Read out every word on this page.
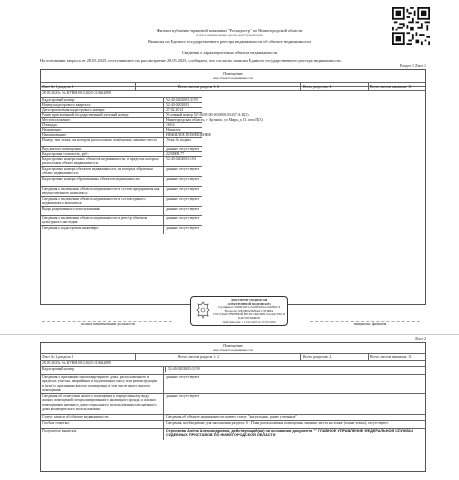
Филиал публично-правовой компании "Роскадастр" по Нижегородской области
полное наименование органа регистрации прав
Выписка из Единого государственного реестра недвижимости об объекте недвижимости
Сведения о характеристиках объекта недвижимости
На основании запроса от 28.05.2025, поступившего на рассмотрение 28.05.2025, сообщаем, что согласно записям Единого государственного реестра недвижимости:
Раздел 1 Лист 1
Помещение
вид объекта недвижимости
Лист № 1 раздела 1	Всего листов раздела 1: 2	Всего разделов: 2	Всего листов выписки: 11
28.05.2025г. № КУВИ-001/2025-113662089
Кадастровый номер:	52:40:0202003:3159
Номер кадастрового квартала:	52:40:0202003
Дата присвоения кадастрового номера:	27.02.2014
Ранее присвоенный государственный учетный номер:	Условный номер 52-40/05:00-00:0000:05437:А:II(3)
Местоположение:	Нижегородская область, г Арзамас, ул Мира, д 15, пом П(3)
Площадь:	160.6
Назначение:	Нежилое
Наименование:	НЕЖИЛОЕ ПОМЕЩЕНИЕ
Номер, тип этажа, на котором расположено помещение, машино-место	Этаж № подвал
Вид жилого помещения:	данные отсутствуют
Кадастровая стоимость, руб.:	2230008.77
Кадастровые номера иных объектов недвижимости, в пределах которых расположен объект недвижимости:
52:40:0202003:104
Кадастровые номера объектов недвижимости, из которых образован объект недвижимости:
данные отсутствуют
Кадастровые номера образованных объектов недвижимости:	данные отсутствуют
Сведения о включении объекта недвижимости в состав предприятия как имущественного комплекса:
данные отсутствуют
Сведения о включении объекта недвижимости в состав единого недвижимого комплекса:
данные отсутствуют
Виды разрешенного использования:	данные отсутствуют
Сведения о включении объекта недвижимости в реестр объектов культурного наследия:
данные отсутствуют
Сведения о кадастровом инженере:	данные отсутствуют
полное наименование должности	инициалы, фамилия
ДОКУМЕНТ ПОДПИСАН
ЭЛЕКТРОННОЙ ПОДПИСЬЮ
Сертификат: 00d9b5e8c1a7e2f4b6d3a1c0e9f8d7c6
Владелец: ФЕДЕРАЛЬНАЯ СЛУЖБА ГОСУДАРСТВЕННОЙ РЕГИСТРАЦИИ, КАДАСТРА И КАРТОГРАФИИ
Действителен: с 11.02.2025 по 07.05.2026
Лист 2
Помещение
вид объекта недвижимости
Лист № 2 раздела 1	Всего листов раздела 1: 2	Всего разделов: 2	Всего листов выписки: 11
28.05.2025г. № КУВИ-001/2025-113662089
Кадастровый номер	52:40:0202003:3159
Сведения о признании многоквартирного дома, расположенного в пределах участка, аварийным и подлежащим сносу или реконструкции и (или) о признании жилого помещения, в том числе иного жилого помещения:
данные отсутствуют
Сведения об отнесении жилого помещения к определенному виду жилых помещений специализированного жилищного фонда, к жилым помещениям наемного дома социального использования или наемного дома коммерческого использования:
данные отсутствуют
Статус записи об объекте недвижимости:	Сведения об объекте недвижимости имеют статус "актуальные, ранее учтенные"
Особые отметки:	Сведения, необходимые для заполнения раздела: 6 - План расположения помещения, машино-места на этаже (плане этажа), отсутствуют.
Получатель выписки:	Стрелкова Алёна Александровна, действующий(ая) на основании документа "" ГЛАВНОЕ УПРАВЛЕНИЕ ФЕДЕРАЛЬНОЙ СЛУЖБЫ СУДЕБНЫХ ПРИСТАВОВ ПО НИЖЕГОРОДСКОЙ ОБЛАСТИ
